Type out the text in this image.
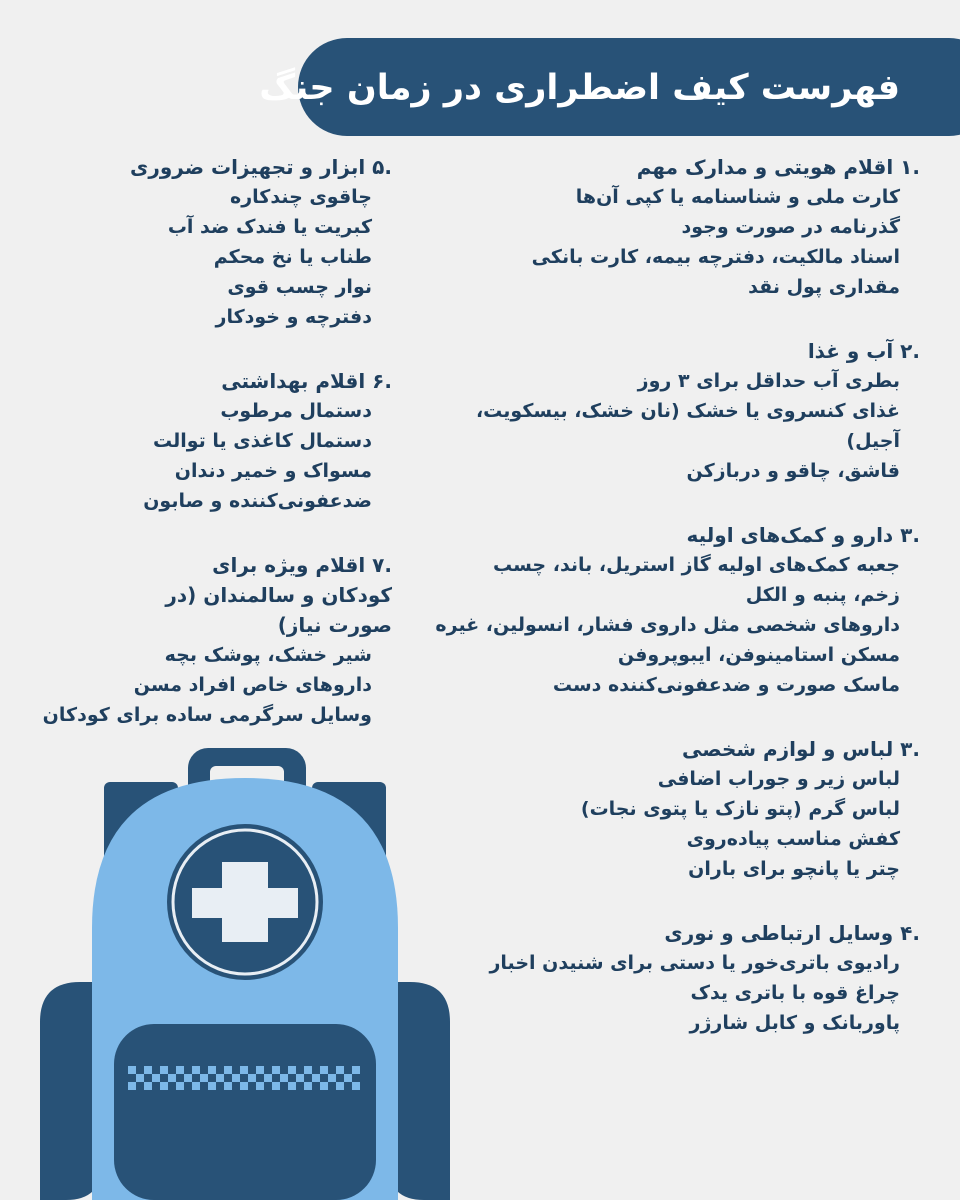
فهرست کیف اضطراری در زمان جنگ
.۱ اقلام هویتی و مدارک مهم
کارت ملی و شناسنامه یا کپی آن‌ها
گذرنامه در صورت وجود
اسناد مالکیت، دفترچه بیمه، کارت بانکی
مقداری پول نقد
.۲ آب و غذا
بطری آب حداقل برای ۳ روز
غذای کنسروی یا خشک (نان خشک، بیسکویت، آجیل)
قاشق، چاقو و دربازکن
.۳ دارو و کمک‌های اولیه
جعبه کمک‌های اولیه گاز استریل، باند، چسب زخم، پنبه و الکل
داروهای شخصی مثل داروی فشار، انسولین، غیره
مسکن استامینوفن، ایبوپروفن
ماسک صورت و ضدعفونی‌کننده دست
.۳ لباس و لوازم شخصی
لباس زیر و جوراب اضافی
لباس گرم (پتو نازک یا پتوی نجات)
کفش مناسب پیاده‌روی
چتر یا پانچو برای باران
.۴ وسایل ارتباطی و نوری
رادیوی باتری‌خور یا دستی برای شنیدن اخبار
چراغ قوه با باتری یدک
پاوربانک و کابل شارژر
.۵ ابزار و تجهیزات ضروری
چاقوی چندکاره
کبریت یا فندک ضد آب
طناب یا نخ محکم
نوار چسب قوی
دفترچه و خودکار
.۶ اقلام بهداشتی
دستمال مرطوب
دستمال کاغذی یا توالت
مسواک و خمیر دندان
ضدعفونی‌کننده و صابون
.۷ اقلام ویژه برای کودکان و سالمندان (در صورت نیاز)
شیر خشک، پوشک بچه
داروهای خاص افراد مسن
وسایل سرگرمی ساده برای کودکان
